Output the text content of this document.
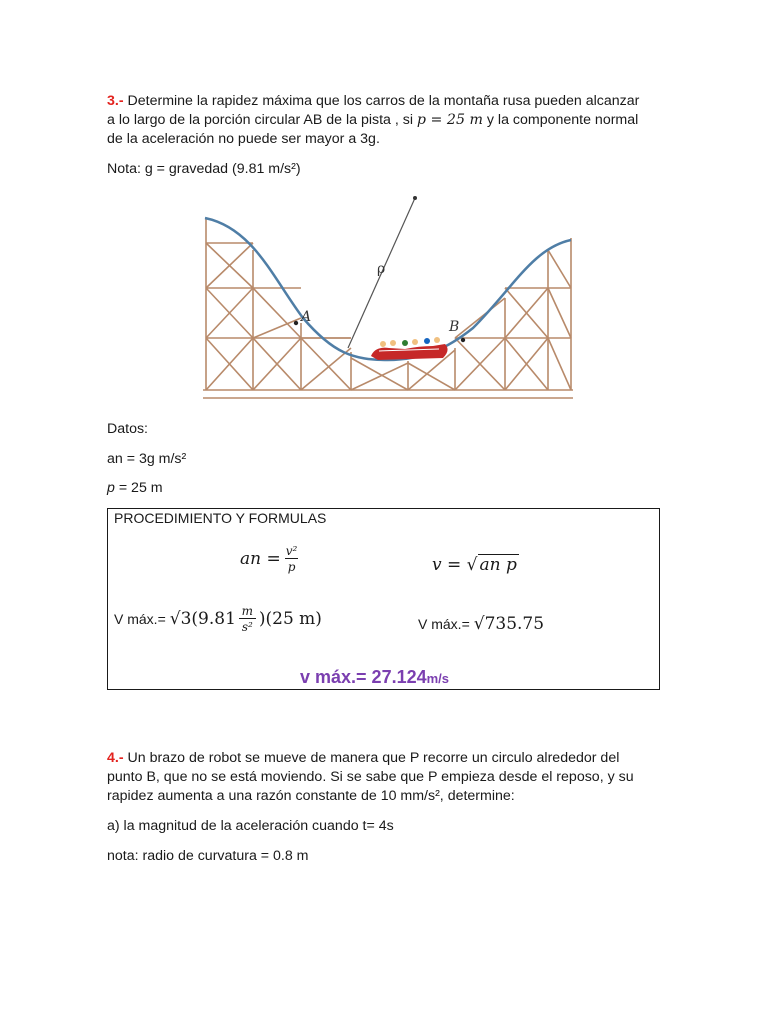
3.- Determine la rapidez máxima que los carros de la montaña rusa pueden alcanzar
a lo largo de la porción circular AB de la pista , si p = 25 m y la componente normal
de la aceleración no puede ser mayor a 3g.
Nota: g = gravedad (9.81 m/s²)
ρ
A
B
Datos:
an = 3g m/s²
p = 25 m
PROCEDIMIENTO Y FORMULAS
an = $\frac{\text{v²}}{p}$	v = √ an p
V máx.= $√3(9.81 \frac{m}{\text{s²}} )(25$ m)	V máx.= √735.75
v máx.= 27.124m/s
4.- Un brazo de robot se mueve de manera que P recorre un circulo alrededor del
punto B, que no se está moviendo. Si se sabe que P empieza desde el reposo, y su
rapidez aumenta a una razón constante de 10 mm/s², determine:
a) la magnitud de la aceleración cuando t= 4s
nota: radio de curvatura = 0.8 m
